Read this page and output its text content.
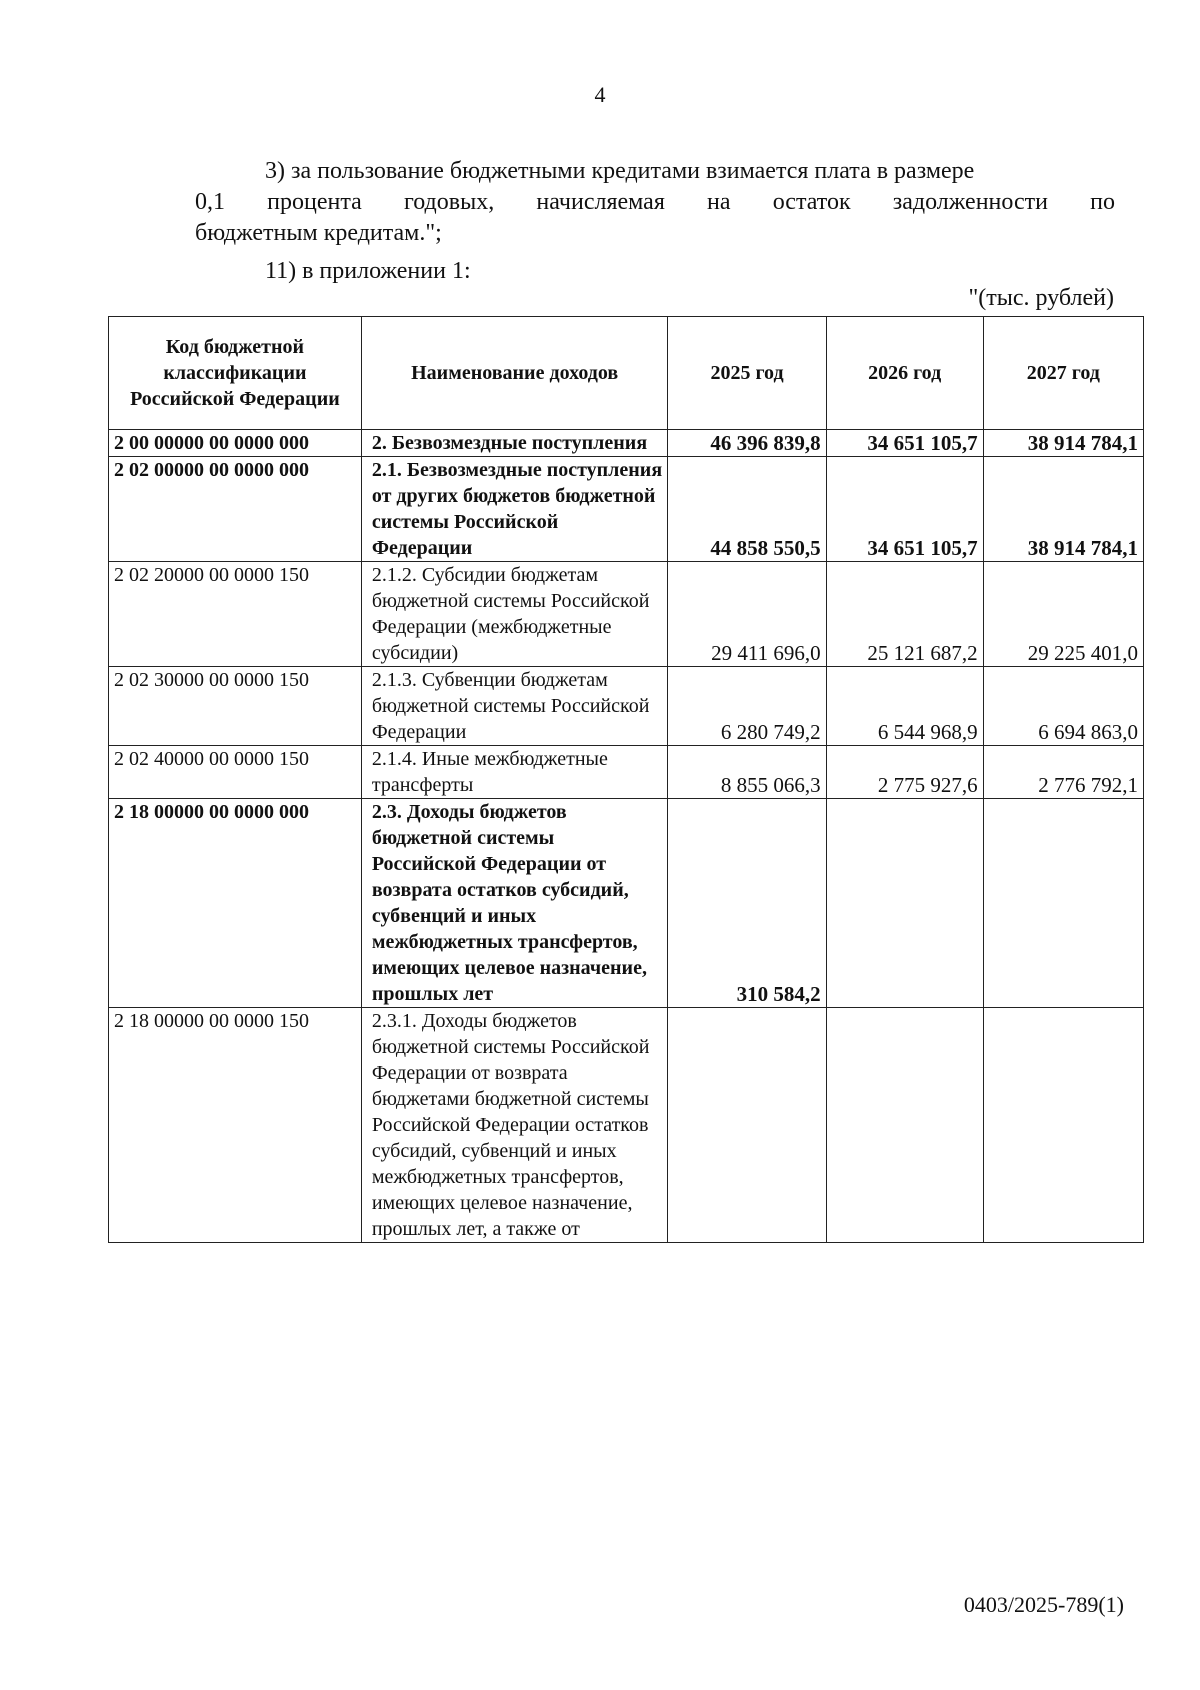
4
3) за пользование бюджетными кредитами взимается плата в размере
0,1 процента годовых, начисляемая на остаток задолженности по
бюджетным кредитам.";
11) в приложении 1:
"(тыс. рублей)
Код бюджетной классификации Российской Федерации	Наименование доходов	2025 год	2026 год	2027 год
2 00 00000 00 0000 000	2. Безвозмездные поступления	46 396 839,8	34 651 105,7	38 914 784,1
2 02 00000 00 0000 000	2.1. Безвозмездные поступления от других бюджетов бюджетной системы Российской Федерации	44 858 550,5	34 651 105,7	38 914 784,1
2 02 20000 00 0000 150	2.1.2. Субсидии бюджетам бюджетной системы Российской Федерации (межбюджетные субсидии)	29 411 696,0	25 121 687,2	29 225 401,0
2 02 30000 00 0000 150	2.1.3. Субвенции бюджетам бюджетной системы Российской Федерации	6 280 749,2	6 544 968,9	6 694 863,0
2 02 40000 00 0000 150	2.1.4. Иные межбюджетные трансферты	8 855 066,3	2 775 927,6	2 776 792,1
2 18 00000 00 0000 000	2.3. Доходы бюджетов бюджетной системы Российской Федерации от возврата остатков субсидий, субвенций и иных межбюджетных трансфертов, имеющих целевое назначение, прошлых лет	310 584,2		
2 18 00000 00 0000 150	2.3.1. Доходы бюджетов бюджетной системы Российской Федерации от возврата бюджетами бюджетной системы Российской Федерации остатков субсидий, субвенций и иных межбюджетных трансфертов, имеющих целевое назначение, прошлых лет, а также от			
0403/2025-789(1)
